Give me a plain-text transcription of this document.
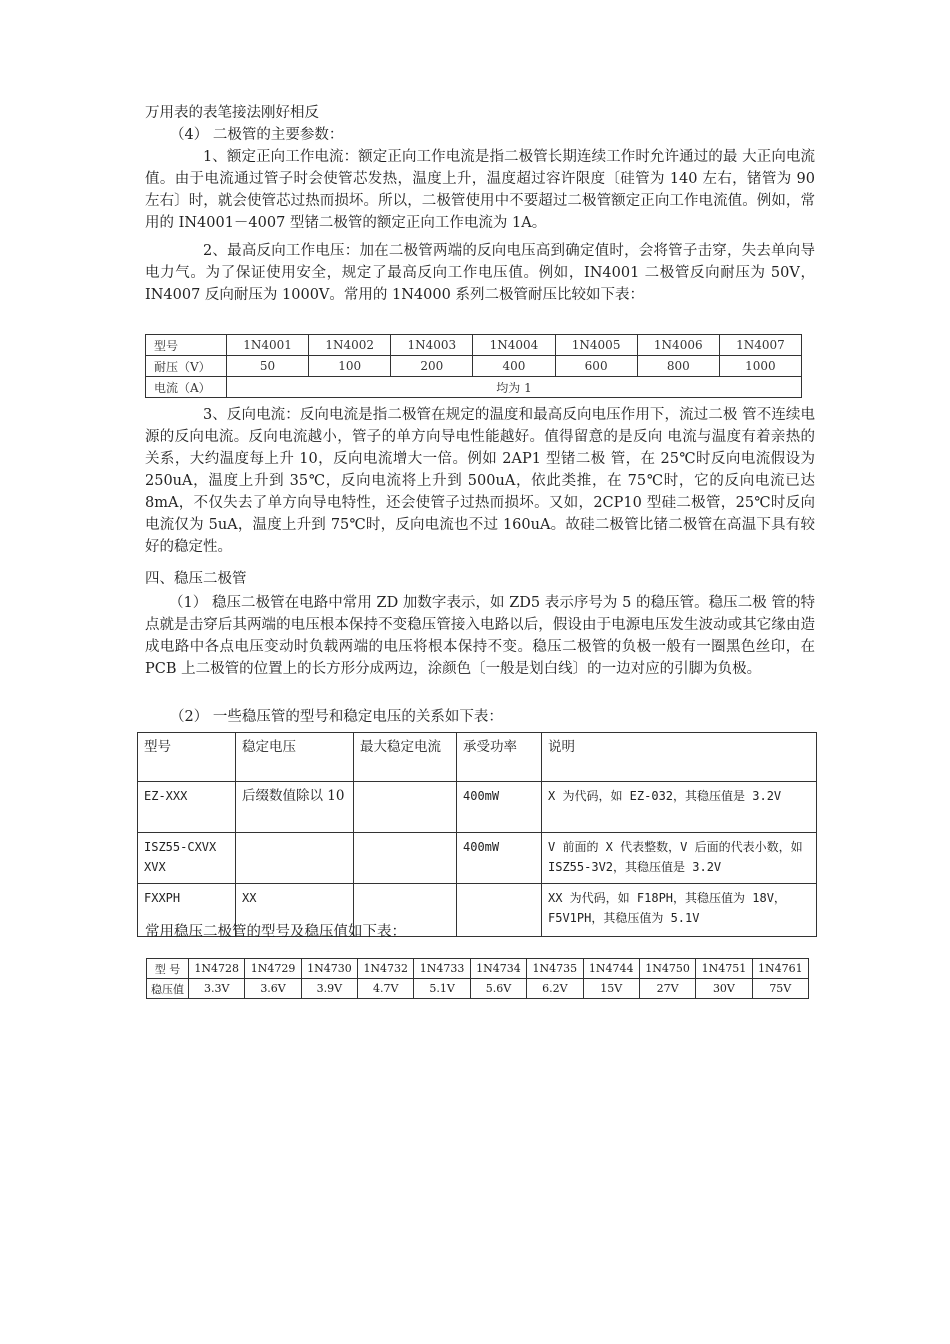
万用表的表笔接法刚好相反
（4） 二极管的主要参数：
1、额定正向工作电流：额定正向工作电流是指二极管长期连续工作时允许通过的最 大正向电流值。由于电流通过管子时会使管芯发热，温度上升，温度超过容许限度〔硅管为 140 左右，锗管为 90 左右〕时，就会使管芯过热而损坏。所以，二极管使用中不要超过二极管额定正向工作电流值。例如，常用的 IN4001－4007 型锗二极管的额定正向工作电流为 1A。
2、最高反向工作电压：加在二极管两端的反向电压高到确定值时，会将管子击穿，失去单向导电力气。为了保证使用安全，规定了最高反向工作电压值。例如，IN4001 二极管反向耐压为 50V，IN4007 反向耐压为 1000V。常用的 1N4000 系列二极管耐压比较如下表：
型号	1N4001	1N4002	1N4003	1N4004	1N4005	1N4006	1N4007
耐压（V）	50	100	200	400	600	800	1000
电流（A）	均为 1						
3、反向电流：反向电流是指二极管在规定的温度和最高反向电压作用下，流过二极 管不连续电源的反向电流。反向电流越小，管子的单方向导电性能越好。值得留意的是反向 电流与温度有着亲热的关系，大约温度每上升 10，反向电流增大一倍。例如 2AP1 型锗二极 管，在 25℃时反向电流假设为 250uA，温度上升到 35℃，反向电流将上升到 500uA，依此类推，在 75℃时，它的反向电流已达 8mA，不仅失去了单方向导电特性，还会使管子过热而损坏。又如，2CP10 型硅二极管，25℃时反向电流仅为 5uA，温度上升到 75℃时，反向电流也不过 160uA。故硅二极管比锗二极管在高温下具有较好的稳定性。
四、稳压二极管
（1） 稳压二极管在电路中常用 ZD 加数字表示，如 ZD5 表示序号为 5 的稳压管。稳压二极 管的特点就是击穿后其两端的电压根本保持不变稳压管接入电路以后，假设由于电源电压发生波动或其它缘由造成电路中各点电压变动时负载两端的电压将根本保持不变。稳压二极管的负极一般有一圈黑色丝印，在 PCB 上二极管的位置上的长方形分成两边，涂颜色〔一般是划白线〕的一边对应的引脚为负极。
（2） 一些稳压管的型号和稳定电压的关系如下表：
型号	稳定电压	最大稳定电流	承受功率	说明
EZ-XXX	后缀数值除以 10		400mW	X 为代码，如 EZ-032，其稳压值是 3.2V
ISZ55-CXVX XVX			400mW	V 前面的 X 代表整数，V 后面的代表小数，如 ISZ55-3V2，其稳压值是 3.2V
FXXPH	XX			XX 为代码，如 F18PH，其稳压值为 18V， F5V1PH，其稳压值为 5.1V
常用稳压二极管的型号及稳压值如下表：
型 号	1N4728	1N4729	1N4730	1N4732	1N4733	1N4734	1N4735	1N4744	1N4750	1N4751	1N4761
稳压值	3.3V	3.6V	3.9V	4.7V	5.1V	5.6V	6.2V	15V	27V	30V	75V
